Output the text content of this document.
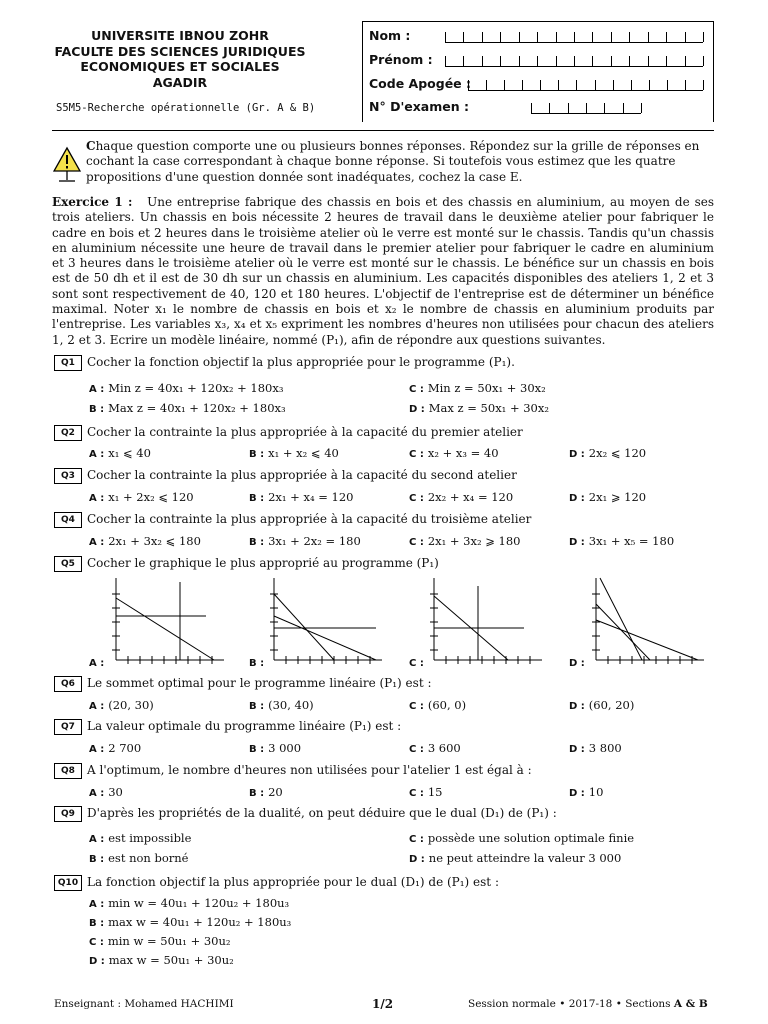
UNIVERSITE IBNOU ZOHR
FACULTE DES SCIENCES JURIDIQUES
ECONOMIQUES ET SOCIALES
AGADIR
S5M5-Recherche opérationnelle (Gr. A & B)
Nom :
Prénom :
Code Apogée :
N° D'examen :
Chaque question comporte une ou plusieurs bonnes réponses. Répondez sur la grille de réponses en cochant la case correspondant à chaque bonne réponse. Si toutefois vous estimez que les quatre propositions d'une question donnée sont inadéquates, cochez la case E.
Exercice 1 : Une entreprise fabrique des chassis en bois et des chassis en aluminium, au moyen de ses trois ateliers. Un chassis en bois nécessite 2 heures de travail dans le deuxième atelier pour fabriquer le cadre en bois et 2 heures dans le troisième atelier où le verre est monté sur le chassis. Tandis qu'un chassis en aluminium nécessite une heure de travail dans le premier atelier pour fabriquer le cadre en aluminium et 3 heures dans le troisième atelier où le verre est monté sur le chassis. Le bénéfice sur un chassis en bois est de 50 dh et il est de 30 dh sur un chassis en aluminium. Les capacités disponibles des ateliers 1, 2 et 3 sont sont respectivement de 40, 120 et 180 heures. L'objectif de l'entreprise est de déterminer un bénéfice maximal. Noter x₁ le nombre de chassis en bois et x₂ le nombre de chassis en aluminium produits par l'entreprise. Les variables x₃, x₄ et x₅ expriment les nombres d'heures non utilisées pour chacun des ateliers 1, 2 et 3. Ecrire un modèle linéaire, nommé (P₁), afin de répondre aux questions suivantes.
Q1	Cocher la fonction objectif la plus appropriée pour le programme (P₁).
A : Min z = 40x₁ + 120x₂ + 180x₃	C : Min z = 50x₁ + 30x₂
B : Max z = 40x₁ + 120x₂ + 180x₃	D : Max z = 50x₁ + 30x₂
Q2	Cocher la contrainte la plus appropriée à la capacité du premier atelier
A : x₁ ⩽ 40	B : x₁ + x₂ ⩽ 40	C : x₂ + x₃ = 40	D : 2x₂ ⩽ 120
Q3	Cocher la contrainte la plus appropriée à la capacité du second atelier
A : x₁ + 2x₂ ⩽ 120	B : 2x₁ + x₄ = 120	C : 2x₂ + x₄ = 120	D : 2x₁ ⩾ 120
Q4	Cocher la contrainte la plus appropriée à la capacité du troisième atelier
A : 2x₁ + 3x₂ ⩽ 180	B : 3x₁ + 2x₂ = 180	C : 2x₁ + 3x₂ ⩾ 180	D : 3x₁ + x₅ = 180
Q5	Cocher le graphique le plus approprié au programme (P₁)
A :	B :	C :	D :
Q6	Le sommet optimal pour le programme linéaire (P₁) est :
A : (20, 30)	B : (30, 40)	C : (60, 0)	D : (60, 20)
Q7	La valeur optimale du programme linéaire (P₁) est :
A : 2 700	B : 3 000	C : 3 600	D : 3 800
Q8	A l'optimum, le nombre d'heures non utilisées pour l'atelier 1 est égal à :
A : 30	B : 20	C : 15	D : 10
Q9	D'après les propriétés de la dualité, on peut déduire que le dual (D₁) de (P₁) :
A : est impossible	C : possède une solution optimale finie
B : est non borné	D : ne peut atteindre la valeur 3 000
Q10 La fonction objectif la plus appropriée pour le dual (D₁) de (P₁) est :
A : min w = 40u₁ + 120u₂ + 180u₃
B : max w = 40u₁ + 120u₂ + 180u₃
C : min w = 50u₁ + 30u₂
D : max w = 50u₁ + 30u₂
Enseignant : Mohamed HACHIMI	1/2	Session normale • 2017-18 • Sections A & B
